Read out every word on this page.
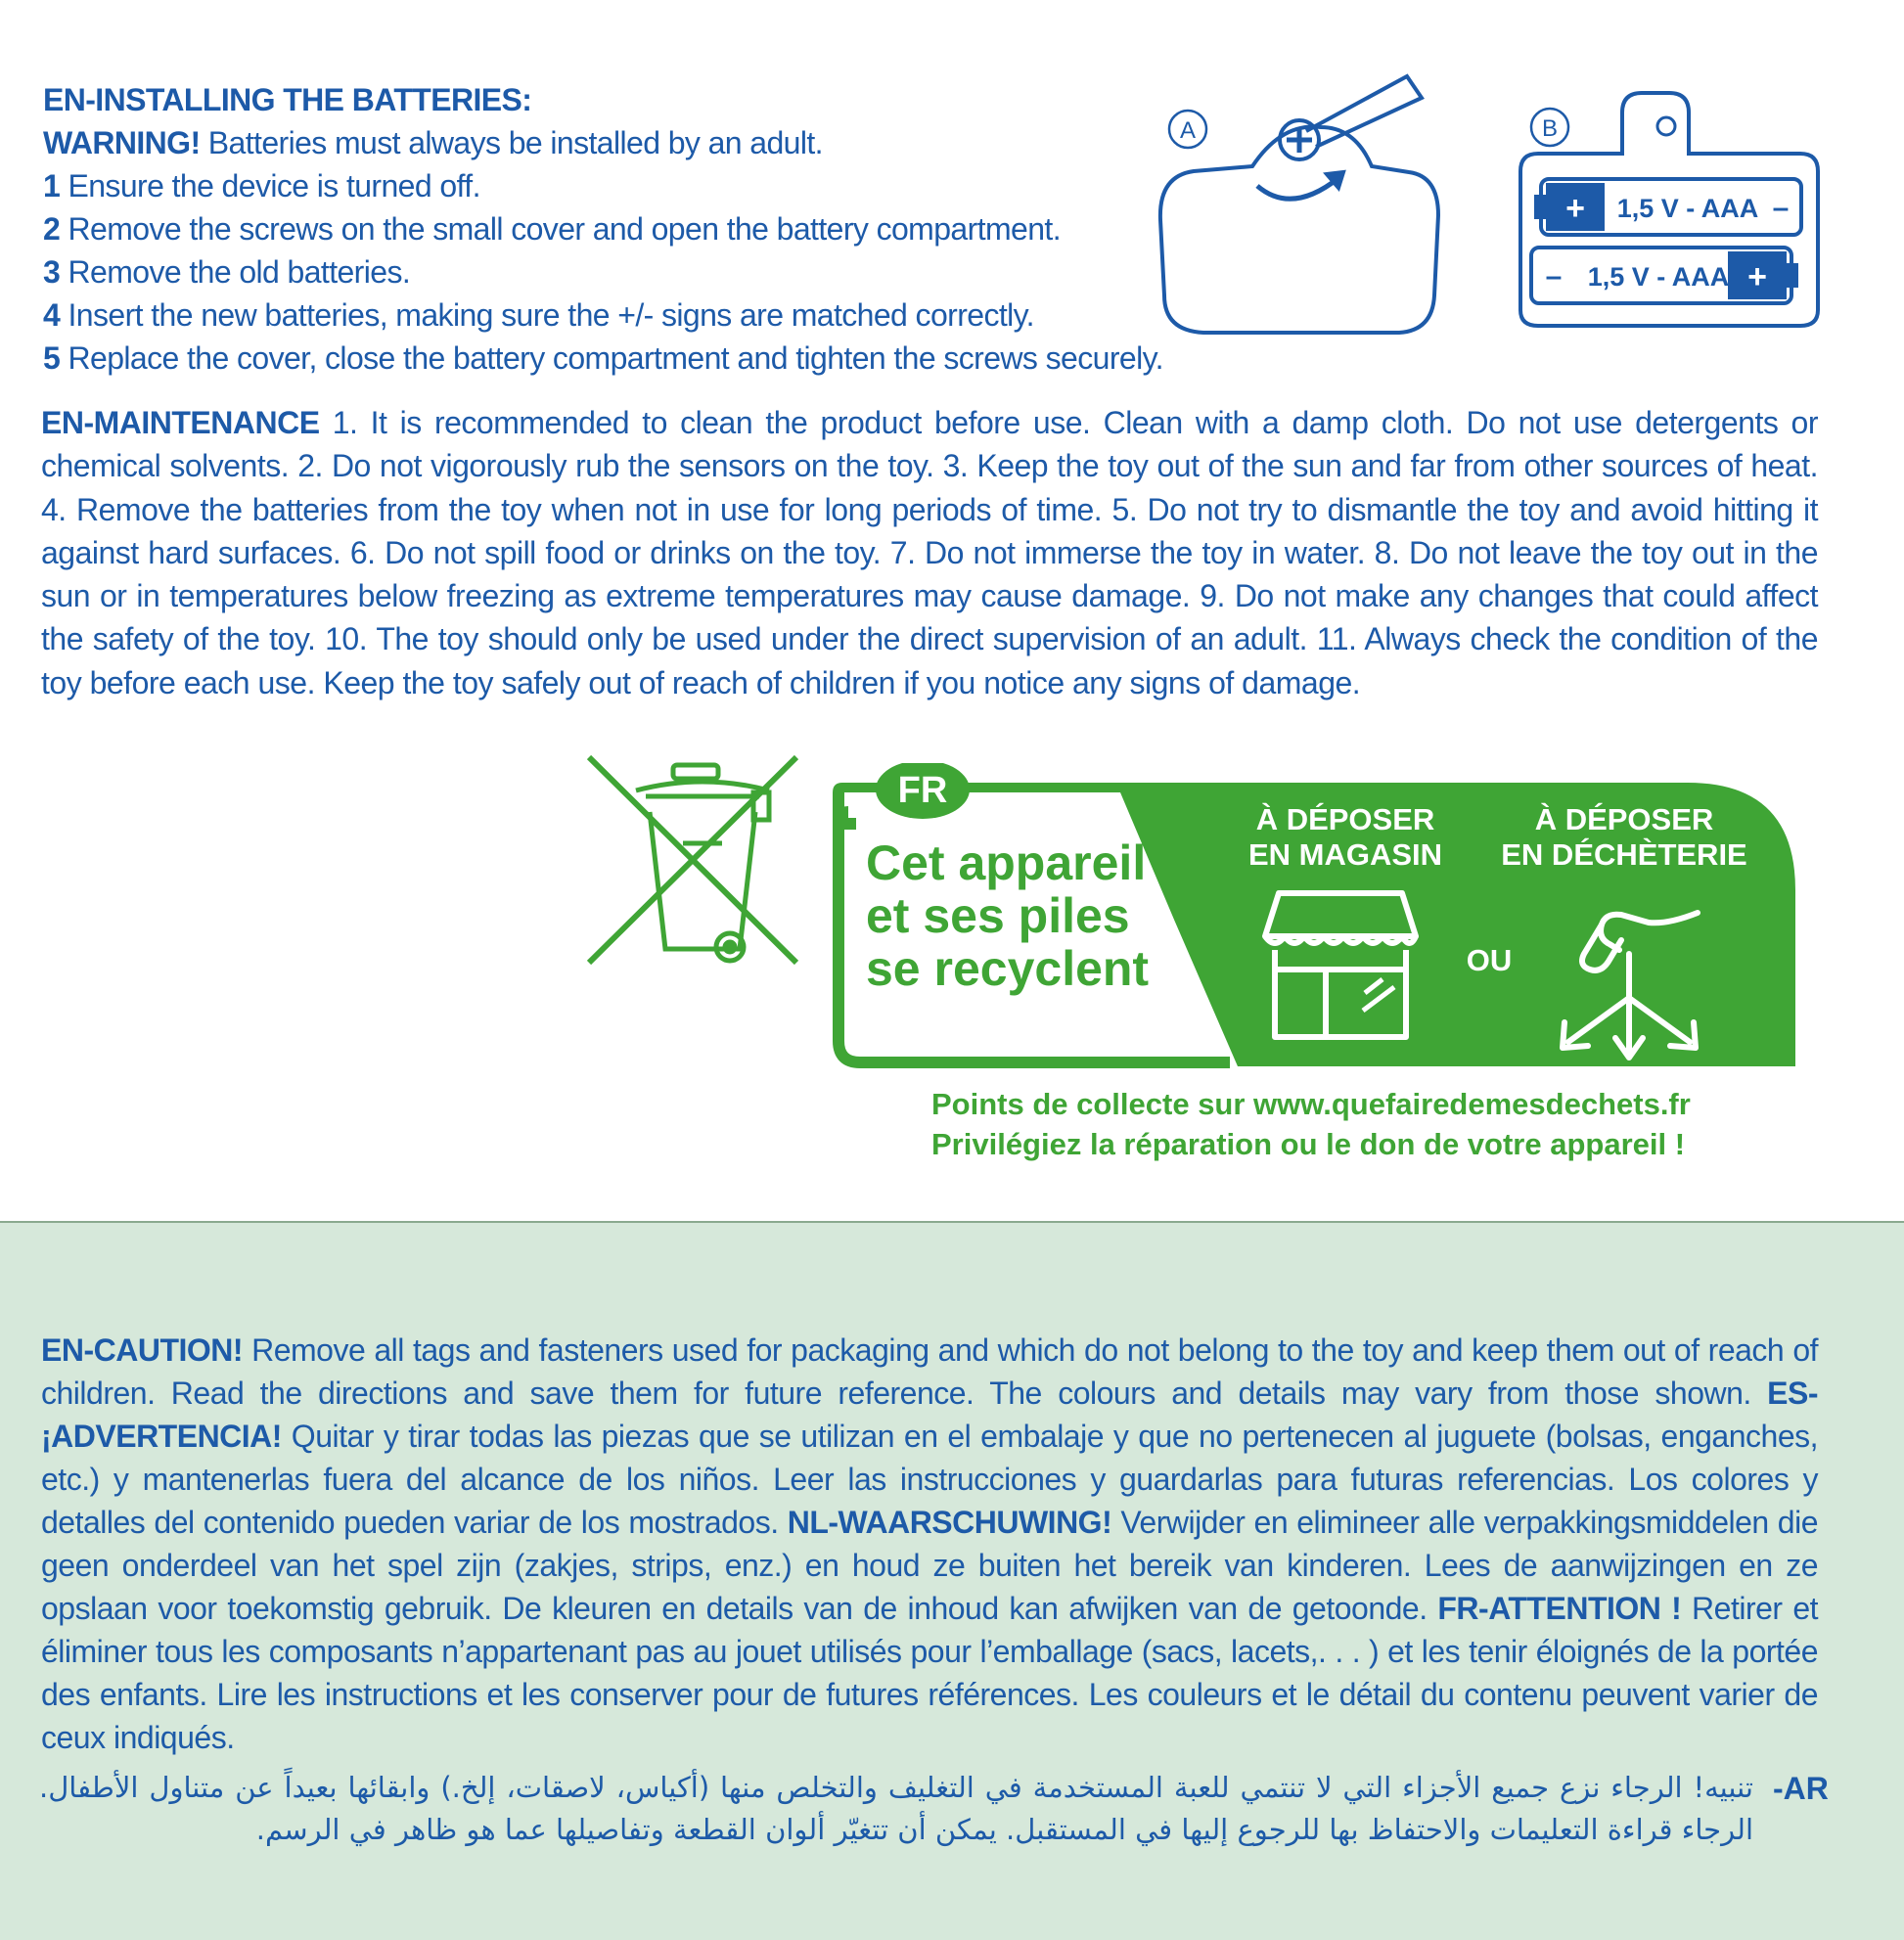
EN-INSTALLING THE BATTERIES:
WARNING! Batteries must always be installed by an adult.
1 Ensure the device is turned off.
2 Remove the screws on the small cover and open the battery compartment.
3 Remove the old batteries.
4 Insert the new batteries, making sure the +/- signs are matched correctly.
5 Replace the cover, close the battery compartment and tighten the screws securely.
A
+ 1,5 V - AAA –
– 1,5 V - AAA +
B
EN-MAINTENANCE 1. It is recommended to clean the product before use. Clean with a damp cloth. Do not use detergents or chemical solvents. 2. Do not vigorously rub the sensors on the toy. 3. Keep the toy out of the sun and far from other sources of heat. 4. Remove the batteries from the toy when not in use for long periods of time. 5. Do not try to dismantle the toy and avoid hitting it against hard surfaces. 6. Do not spill food or drinks on the toy. 7. Do not immerse the toy in water. 8. Do not leave the toy out in the sun or in temperatures below freezing as extreme temperatures may cause damage. 9. Do not make any changes that could affect the safety of the toy. 10. The toy should only be used under the direct supervision of an adult. 11. Always check the condition of the toy before each use. Keep the toy safely out of reach of children if you notice any signs of damage.
FR
Cet appareil
et ses piles
se recyclent
À DÉPOSER
EN MAGASIN
À DÉPOSER
EN DÉCHÈTERIE
OU
Points de collecte sur www.quefairedemesdechets.fr
Privilégiez la réparation ou le don de votre appareil !
EN-CAUTION! Remove all tags and fasteners used for packaging and which do not belong to the toy and keep them out of reach of children. Read the directions and save them for future reference. The colours and details may vary from those shown. ES-¡ADVERTENCIA! Quitar y tirar todas las piezas que se utilizan en el embalaje y que no pertenecen al juguete (bolsas, enganches, etc.) y mantenerlas fuera del alcance de los niños. Leer las instrucciones y guardarlas para futuras referencias. Los colores y detalles del contenido pueden variar de los mostrados. NL-WAARSCHUWING! Verwijder en elimineer alle verpakkingsmiddelen die geen onderdeel van het spel zijn (zakjes, strips, enz.) en houd ze buiten het bereik van kinderen. Lees de aanwijzingen en ze opslaan voor toekomstig gebruik. De kleuren en details van de inhoud kan afwijken van de getoonde. FR-ATTENTION ! Retirer et éliminer tous les composants n’appartenant pas au jouet utilisés pour l’emballage (sacs, lacets,. . . ) et les tenir éloignés de la portée des enfants. Lire les instructions et les conserver pour de futures références. Les couleurs et le détail du contenu peuvent varier de ceux indiqués.
-AR
تنبيه! الرجاء نزع جميع الأجزاء التي لا تنتمي للعبة المستخدمة في التغليف والتخلص منها (أكياس، لاصقات، إلخ.) وابقائها بعيداً عن متناول الأطفال. الرجاء قراءة التعليمات والاحتفاظ بها للرجوع إليها في المستقبل. يمكن أن تتغيّر ألوان القطعة وتفاصيلها عما هو ظاهر في الرسم.
